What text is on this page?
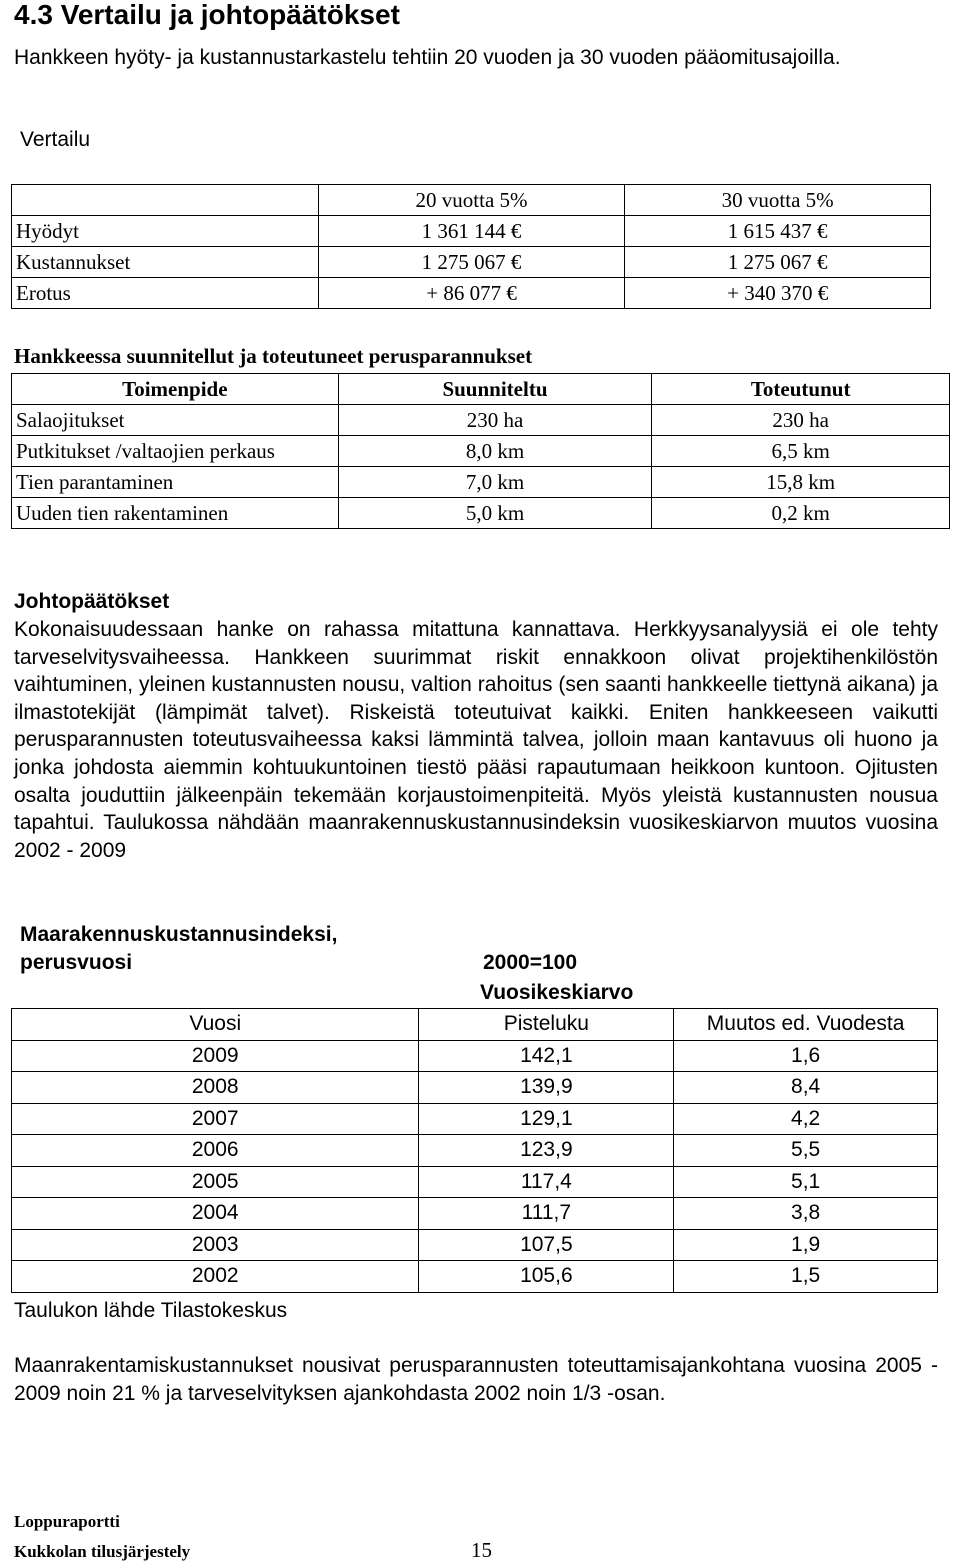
4.3 Vertailu ja johtopäätökset
Hankkeen hyöty- ja kustannustarkastelu tehtiin 20 vuoden ja 30 vuoden pääomitusajoilla.
Vertailu
	20 vuotta 5%	30 vuotta 5%
Hyödyt	1 361 144 €	1 615 437 €
Kustannukset	1 275 067 €	1 275 067 €
Erotus	+ 86 077 €	+ 340 370 €
Hankkeessa suunnitellut ja toteutuneet perusparannukset
Toimenpide	Suunniteltu	Toteutunut
Salaojitukset	230 ha	230 ha
Putkitukset /valtaojien perkaus	8,0 km	6,5 km
Tien parantaminen	7,0 km	15,8 km
Uuden tien rakentaminen	5,0 km	0,2 km
Johtopäätökset
Kokonaisuudessaan hanke on rahassa mitattuna kannattava. Herkkyysanalyysiä ei ole tehty tarveselvitysvaiheessa. Hankkeen suurimmat riskit ennakkoon olivat projektihenkilöstön vaihtuminen, yleinen kustannusten nousu, valtion rahoitus (sen saanti hankkeelle tiettynä aikana) ja ilmastotekijät (lämpimät talvet). Riskeistä toteutuivat kaikki. Eniten hankkeeseen vaikutti perusparannusten toteutusvaiheessa kaksi lämmintä talvea, jolloin maan kantavuus oli huono ja jonka johdosta aiemmin kohtuukuntoinen tiestö pääsi rapautumaan heikkoon kuntoon. Ojitusten osalta jouduttiin jälkeenpäin tekemään korjaustoimenpiteitä. Myös yleistä kustannusten nousua tapahtui. Taulukossa nähdään maanrakennuskustannusindeksin vuosikeskiarvon muutos vuosina 2002 - 2009
Maarakennuskustannusindeksi,
perusvuosi	2000=100
Vuosikeskiarvo
Vuosi	Pisteluku	Muutos ed. Vuodesta
2009	142,1	1,6
2008	139,9	8,4
2007	129,1	4,2
2006	123,9	5,5
2005	117,4	5,1
2004	111,7	3,8
2003	107,5	1,9
2002	105,6	1,5
Taulukon lähde Tilastokeskus
Maanrakentamiskustannukset nousivat perusparannusten toteuttamisajankohtana vuosina 2005 - 2009 noin 21 % ja tarveselvityksen ajankohdasta 2002 noin 1/3 -osan.
Loppuraportti
Kukkolan tilusjärjestely	15
